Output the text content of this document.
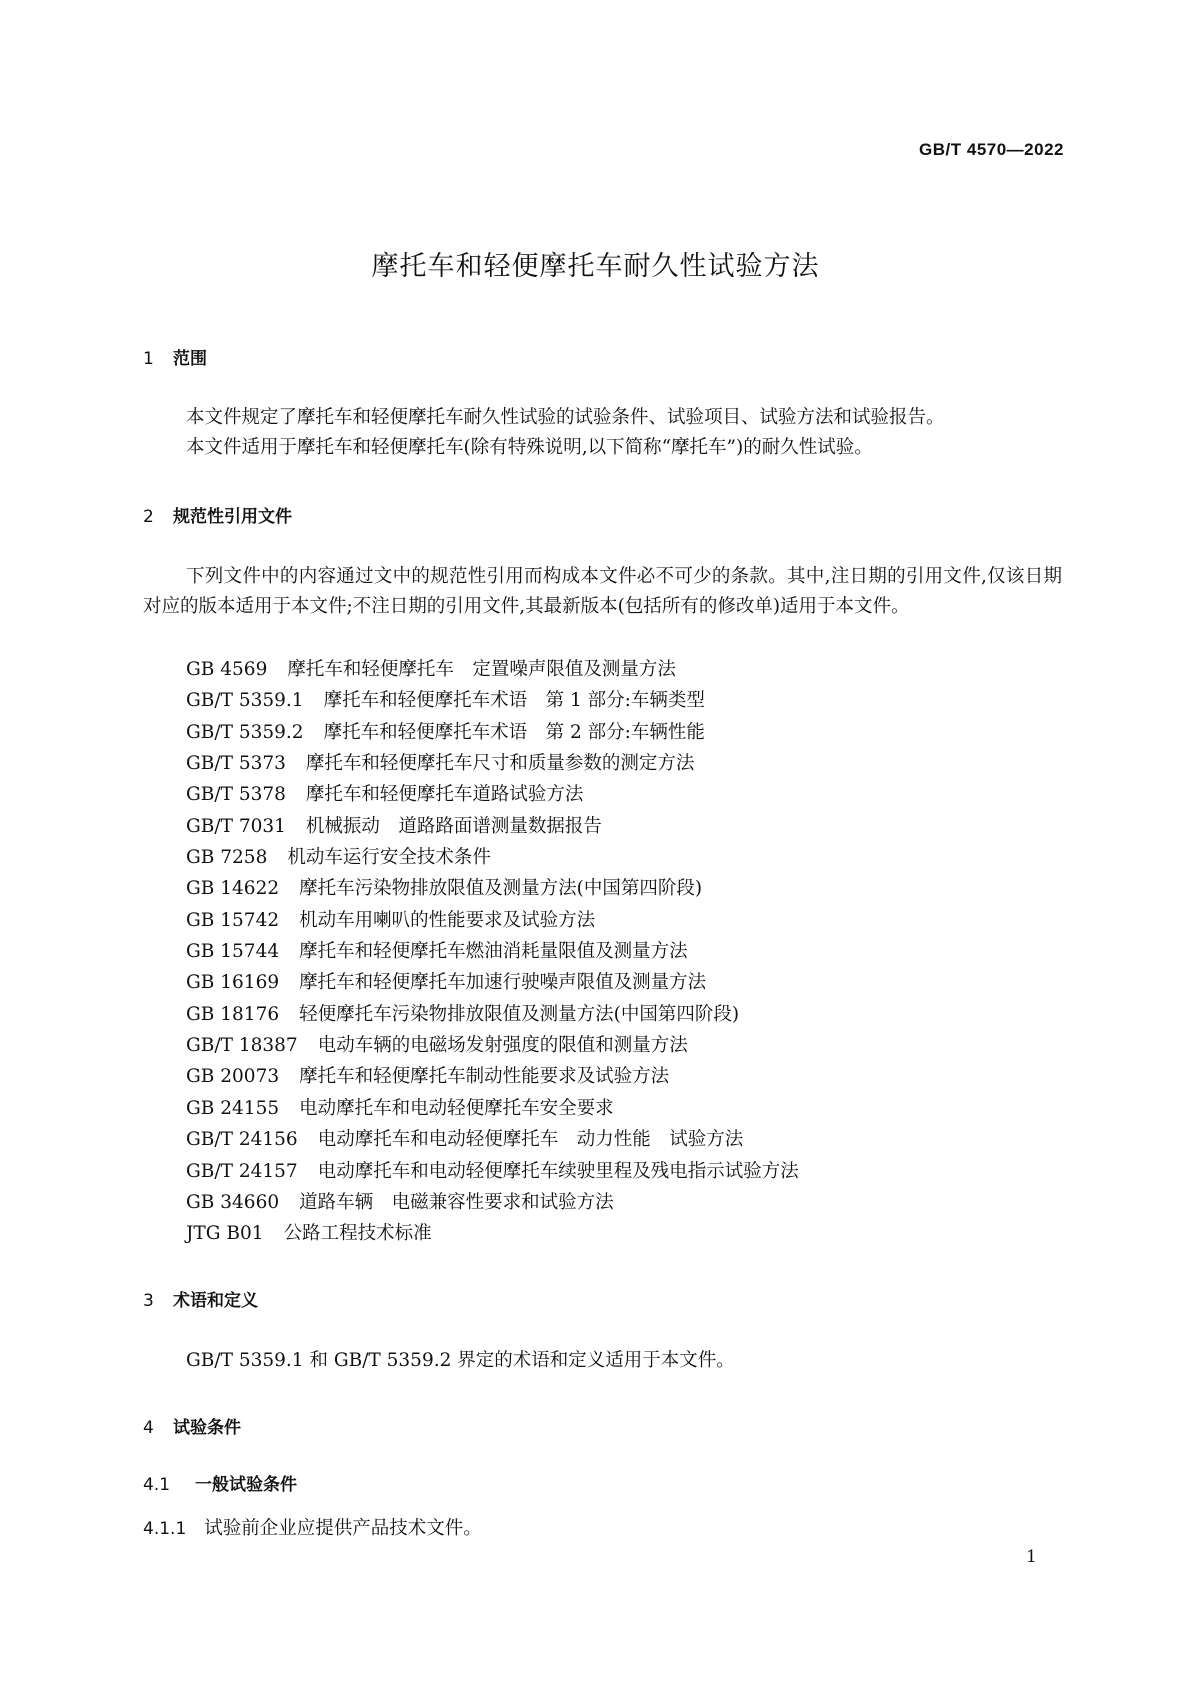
GB/T 4570—2022
摩托车和轻便摩托车耐久性试验方法
1 范围
本文件规定了摩托车和轻便摩托车耐久性试验的试验条件、试验项目、试验方法和试验报告。
本文件适用于摩托车和轻便摩托车(除有特殊说明,以下简称“摩托车”)的耐久性试验。
2 规范性引用文件
下列文件中的内容通过文中的规范性引用而构成本文件必不可少的条款。其中,注日期的引用文件,仅该日期对应的版本适用于本文件;不注日期的引用文件,其最新版本(包括所有的修改单)适用于本文件。
GB 4569 摩托车和轻便摩托车　定置噪声限值及测量方法
GB/T 5359.1 摩托车和轻便摩托车术语　第 1 部分:车辆类型
GB/T 5359.2 摩托车和轻便摩托车术语　第 2 部分:车辆性能
GB/T 5373 摩托车和轻便摩托车尺寸和质量参数的测定方法
GB/T 5378 摩托车和轻便摩托车道路试验方法
GB/T 7031 机械振动　道路路面谱测量数据报告
GB 7258 机动车运行安全技术条件
GB 14622 摩托车污染物排放限值及测量方法(中国第四阶段)
GB 15742 机动车用喇叭的性能要求及试验方法
GB 15744 摩托车和轻便摩托车燃油消耗量限值及测量方法
GB 16169 摩托车和轻便摩托车加速行驶噪声限值及测量方法
GB 18176 轻便摩托车污染物排放限值及测量方法(中国第四阶段)
GB/T 18387 电动车辆的电磁场发射强度的限值和测量方法
GB 20073 摩托车和轻便摩托车制动性能要求及试验方法
GB 24155 电动摩托车和电动轻便摩托车安全要求
GB/T 24156 电动摩托车和电动轻便摩托车　动力性能　试验方法
GB/T 24157 电动摩托车和电动轻便摩托车续驶里程及残电指示试验方法
GB 34660 道路车辆　电磁兼容性要求和试验方法
JTG B01 公路工程技术标准
3 术语和定义
GB/T 5359.1 和 GB/T 5359.2 界定的术语和定义适用于本文件。
4 试验条件
4.1 一般试验条件
4.1.1 试验前企业应提供产品技术文件。
1
